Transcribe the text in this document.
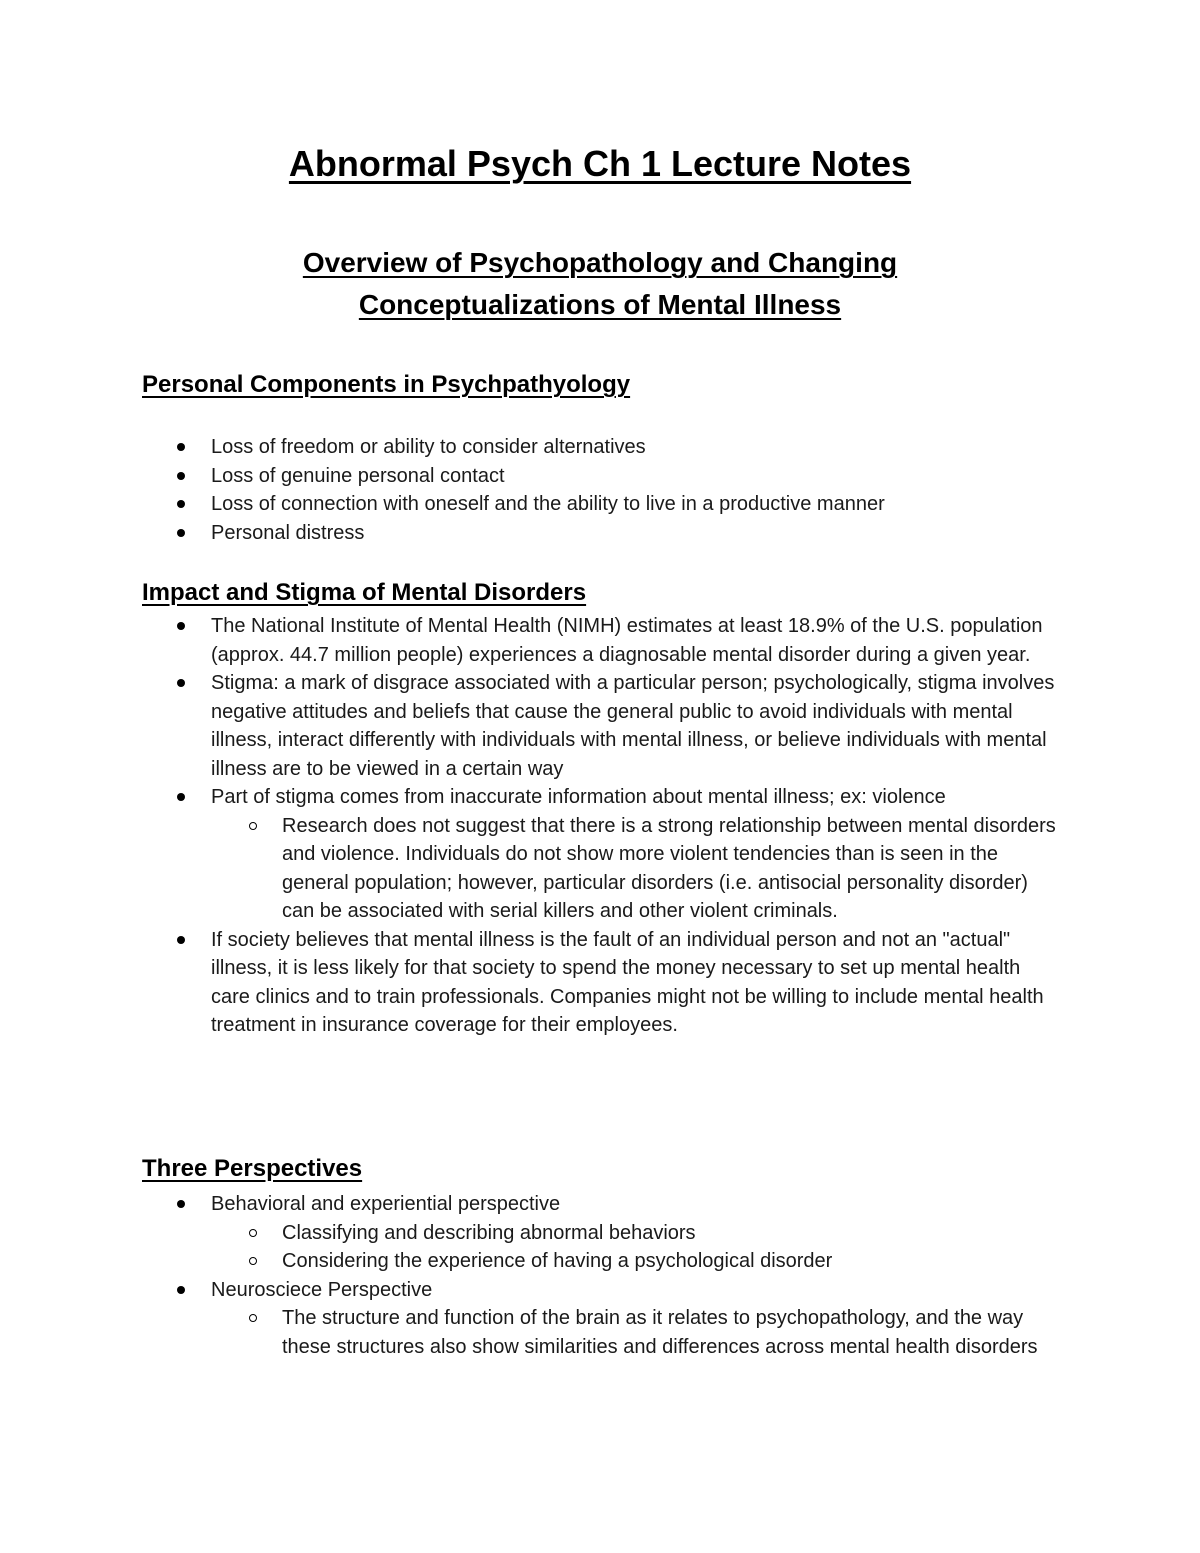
Abnormal Psych Ch 1 Lecture Notes
Overview of Psychopathology and Changing
Conceptualizations of Mental Illness
Personal Components in Psychpathyology
Loss of freedom or ability to consider alternatives
Loss of genuine personal contact
Loss of connection with oneself and the ability to live in a productive manner
Personal distress
Impact and Stigma of Mental Disorders
The National Institute of Mental Health (NIMH) estimates at least 18.9% of the U.S. population (approx. 44.7 million people) experiences a diagnosable mental disorder during a given year.
Stigma: a mark of disgrace associated with a particular person; psychologically, stigma involves negative attitudes and beliefs that cause the general public to avoid individuals with mental illness, interact differently with individuals with mental illness, or believe individuals with mental illness are to be viewed in a certain way
Part of stigma comes from inaccurate information about mental illness; ex: violence
Research does not suggest that there is a strong relationship between mental disorders and violence. Individuals do not show more violent tendencies than is seen in the general population; however, particular disorders (i.e. antisocial personality disorder) can be associated with serial killers and other violent criminals.
If society believes that mental illness is the fault of an individual person and not an "actual" illness, it is less likely for that society to spend the money necessary to set up mental health care clinics and to train professionals. Companies might not be willing to include mental health treatment in insurance coverage for their employees.
Three Perspectives
Behavioral and experiential perspective
Classifying and describing abnormal behaviors
Considering the experience of having a psychological disorder
Neurosciece Perspective
The structure and function of the brain as it relates to psychopathology, and the way these structures also show similarities and differences across mental health disorders
